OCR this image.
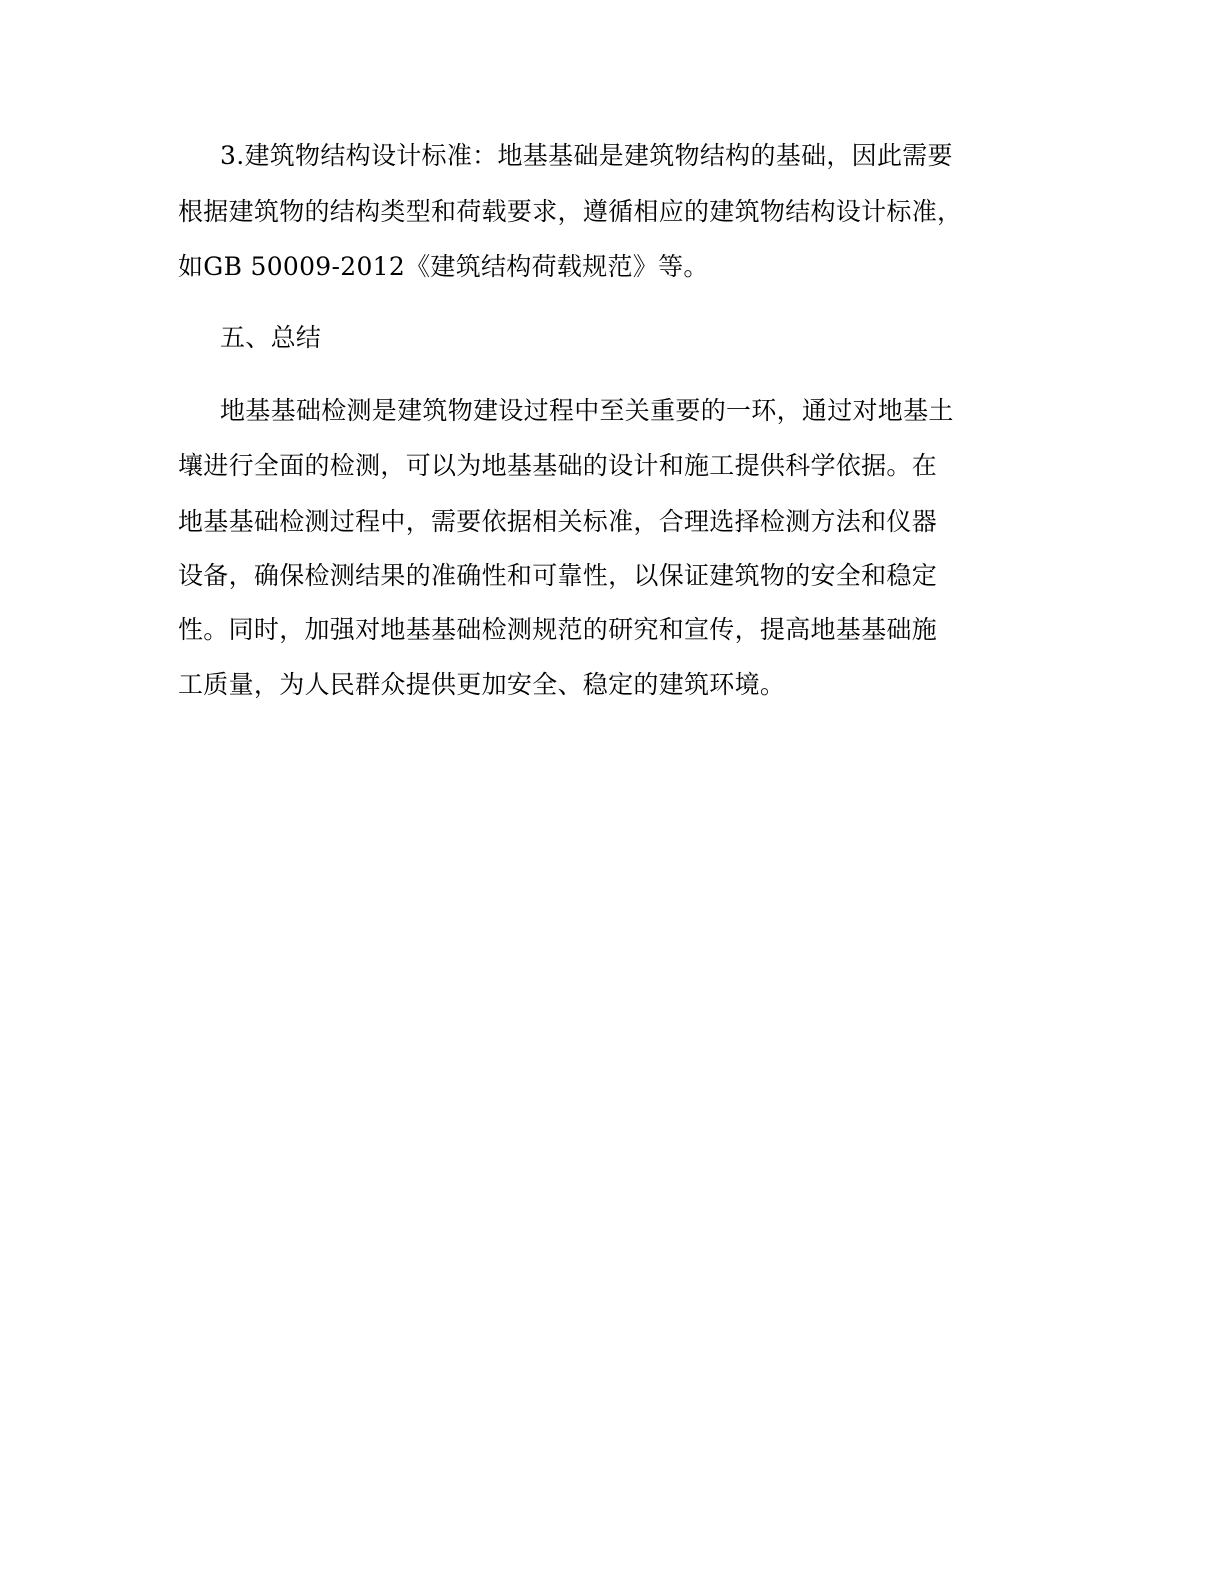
3.建筑物结构设计标准：地基基础是建筑物结构的基础，因此需要
根据建筑物的结构类型和荷载要求，遵循相应的建筑物结构设计标准，
如GB 50009-2012《建筑结构荷载规范》等。
五、总结
地基基础检测是建筑物建设过程中至关重要的一环，通过对地基土
壤进行全面的检测，可以为地基基础的设计和施工提供科学依据。在
地基基础检测过程中，需要依据相关标准，合理选择检测方法和仪器
设备，确保检测结果的准确性和可靠性，以保证建筑物的安全和稳定
性。同时，加强对地基基础检测规范的研究和宣传，提高地基基础施
工质量，为人民群众提供更加安全、稳定的建筑环境。
